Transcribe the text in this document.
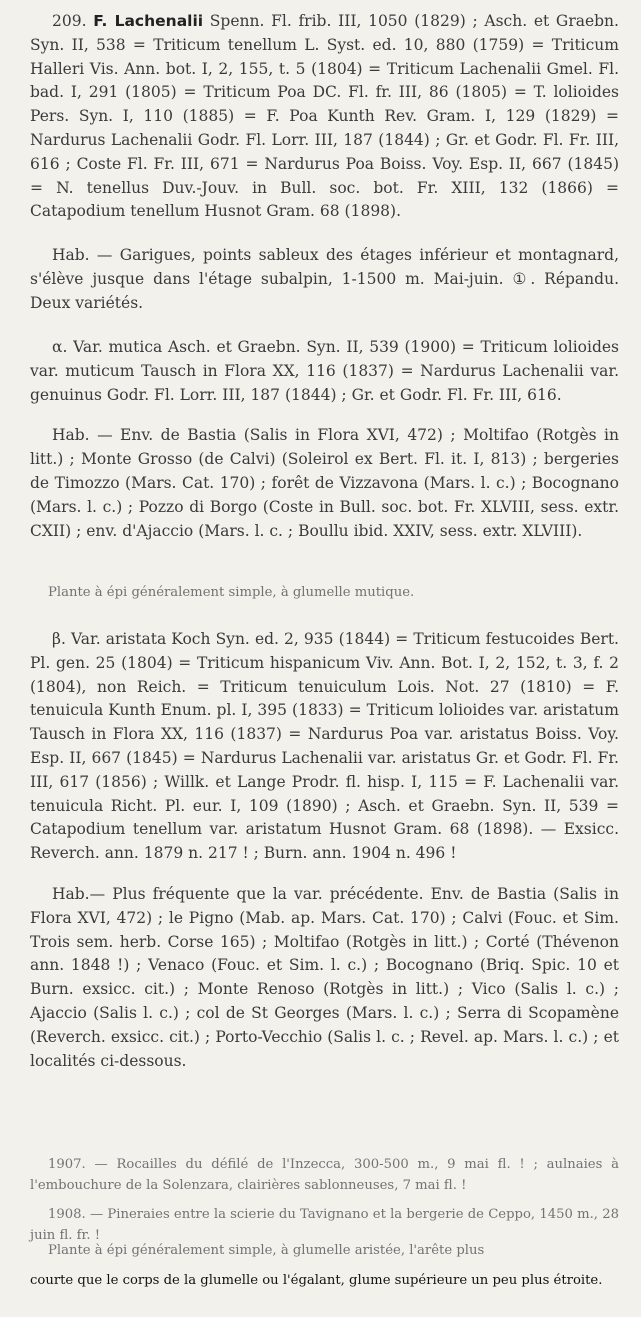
209. F. Lachenalii Spenn. Fl. frib. III, 1050 (1829) ; Asch. et Graebn. Syn. II, 538 = Triticum tenellum L. Syst. ed. 10, 880 (1759) = Triticum Halleri Vis. Ann. bot. I, 2, 155, t. 5 (1804) = Triticum Lachenalii Gmel. Fl. bad. I, 291 (1805) = Triticum Poa DC. Fl. fr. III, 86 (1805) = T. lolioides Pers. Syn. I, 110 (1885) = F. Poa Kunth Rev. Gram. I, 129 (1829) = Nardurus Lachenalii Godr. Fl. Lorr. III, 187 (1844) ; Gr. et Godr. Fl. Fr. III, 616 ; Coste Fl. Fr. III, 671 = Nardurus Poa Boiss. Voy. Esp. II, 667 (1845) = N. tenellus Duv.-Jouv. in Bull. soc. bot. Fr. XIII, 132 (1866) = Catapodium tenellum Husnot Gram. 68 (1898).

Hab. — Garigues, points sableux des étages inférieur et montagnard, s'élève jusque dans l'étage subalpin, 1-1500 m. Mai-juin. ①. Répandu. Deux variétés.

α. Var. mutica Asch. et Graebn. Syn. II, 539 (1900) = Triticum lolioides var. muticum Tausch in Flora XX, 116 (1837) = Nardurus Lachenalii var. genuinus Godr. Fl. Lorr. III, 187 (1844) ; Gr. et Godr. Fl. Fr. III, 616.

Hab. — Env. de Bastia (Salis in Flora XVI, 472) ; Moltifao (Rotgès in litt.) ; Monte Grosso (de Calvi) (Soleirol ex Bert. Fl. it. I, 813) ; bergeries de Timozzo (Mars. Cat. 170) ; forêt de Vizzavona (Mars. l. c.) ; Bocognano (Mars. l. c.) ; Pozzo di Borgo (Coste in Bull. soc. bot. Fr. XLVIII, sess. extr. CXII) ; env. d'Ajaccio (Mars. l. c. ; Boullu ibid. XXIV, sess. extr. XLVIII).

Plante à épi généralement simple, à glumelle mutique.

β. Var. aristata Koch Syn. ed. 2, 935 (1844) = Triticum festucoides Bert. Pl. gen. 25 (1804) = Triticum hispanicum Viv. Ann. Bot. I, 2, 152, t. 3, f. 2 (1804), non Reich. = Triticum tenuiculum Lois. Not. 27 (1810) = F. tenuicula Kunth Enum. pl. I, 395 (1833) = Triticum lolioides var. aristatum Tausch in Flora XX, 116 (1837) = Nardurus Poa var. aristatus Boiss. Voy. Esp. II, 667 (1845) = Nardurus Lachenalii var. aristatus Gr. et Godr. Fl. Fr. III, 617 (1856) ; Willk. et Lange Prodr. fl. hisp. I, 115 = F. Lachenalii var. tenuicula Richt. Pl. eur. I, 109 (1890) ; Asch. et Graebn. Syn. II, 539 = Catapodium tenellum var. aristatum Husnot Gram. 68 (1898). — Exsicc. Reverch. ann. 1879 n. 217 ! ; Burn. ann. 1904 n. 496 !

Hab.— Plus fréquente que la var. précédente. Env. de Bastia (Salis in Flora XVI, 472) ; le Pigno (Mab. ap. Mars. Cat. 170) ; Calvi (Fouc. et Sim. Trois sem. herb. Corse 165) ; Moltifao (Rotgès in litt.) ; Corté (Thévenon ann. 1848 !) ; Venaco (Fouc. et Sim. l. c.) ; Bocognano (Briq. Spic. 10 et Burn. exsicc. cit.) ; Monte Renoso (Rotgès in litt.) ; Vico (Salis l. c.) ; Ajaccio (Salis l. c.) ; col de St Georges (Mars. l. c.) ; Serra di Scopamène (Reverch. exsicc. cit.) ; Porto-Vecchio (Salis l. c. ; Revel. ap. Mars. l. c.) ; et localités ci-dessous.

1907. — Rocailles du défilé de l'Inzecca, 300-500 m., 9 mai fl. ! ; aulnaies à l'embouchure de la Solenzara, clairières sablonneuses, 7 mai fl. !

1908. — Pineraies entre la scierie du Tavignano et la bergerie de Ceppo, 1450 m., 28 juin fl. fr. !

Plante à épi généralement simple, à glumelle aristée, l'arête plus

courte que le corps de la glumelle ou l'égalant, glume supérieure un peu plus étroite.
